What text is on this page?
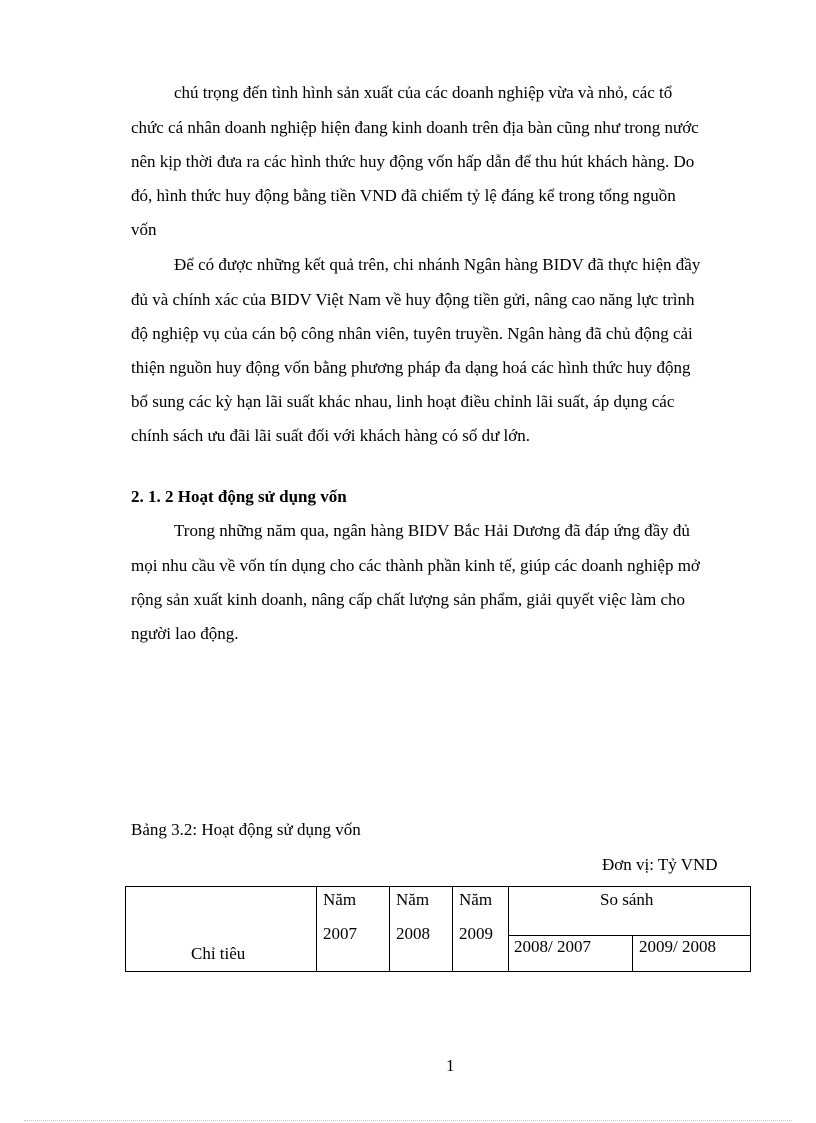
chú trọng đến tình hình sản xuất của các doanh nghiệp vừa và nhỏ, các tổ
chức cá nhân doanh nghiệp hiện đang kinh doanh trên địa bàn cũng như trong nước
nên kịp thời đưa ra các hình thức huy động vốn hấp dẫn để thu hút khách hàng. Do
đó, hình thức huy động bằng tiền VND đã chiếm tỷ lệ đáng kể trong tổng nguồn
vốn
Để có được những kết quả trên, chi nhánh Ngân hàng BIDV đã thực hiện đầy
đủ và chính xác của BIDV Việt Nam về huy động tiền gửi, nâng cao năng lực trình
độ nghiệp vụ của cán bộ công nhân viên, tuyên truyền. Ngân hàng đã chủ động cải
thiện nguồn huy động vốn bằng phương pháp đa dạng hoá các hình thức huy động
bổ sung các kỳ hạn lãi suất khác nhau, linh hoạt điều chỉnh lãi suất, áp dụng các
chính sách ưu đãi lãi suất đối với khách hàng có số dư lớn.
2. 1. 2 Hoạt động sử dụng vốn
Trong những năm qua, ngân hàng BIDV Bắc Hải Dương đã đáp ứng đầy đủ
mọi nhu cầu về vốn tín dụng cho các thành phần kinh tế, giúp các doanh nghiệp mở
rộng sản xuất kinh doanh, nâng cấp chất lượng sản phẩm, giải quyết việc làm cho
người lao động.
Bảng 3.2: Hoạt động sử dụng vốn
Đơn vị: Tỷ VND
Chỉ tiêu
Năm
2007
Năm
2008
Năm
2009
So sánh
2008/ 2007	2009/ 2008
1
